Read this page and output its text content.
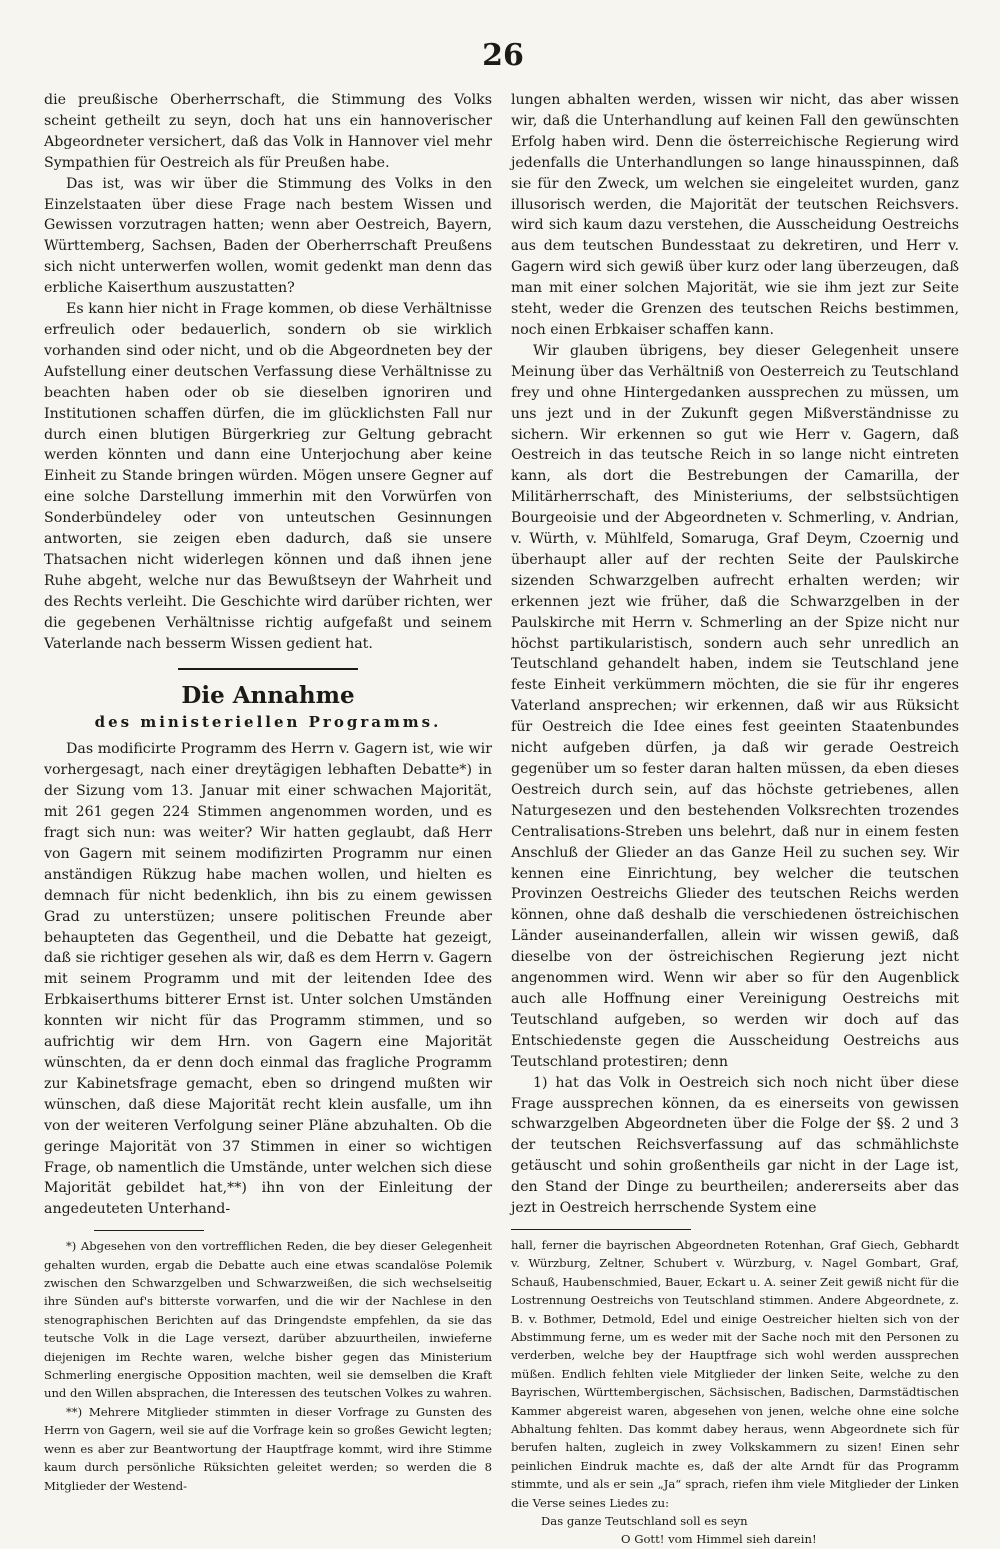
26

die preußische Oberherrschaft, die Stimmung des Volks scheint getheilt zu seyn, doch hat uns ein hannoverischer Abgeordneter versichert, daß das Volk in Hannover viel mehr Sympathien für Oestreich als für Preußen habe.

Das ist, was wir über die Stimmung des Volks in den Einzelstaaten über diese Frage nach bestem Wissen und Gewissen vorzutragen hatten; wenn aber Oestreich, Bayern, Württemberg, Sachsen, Baden der Oberherrschaft Preußens sich nicht unterwerfen wollen, womit gedenkt man denn das erbliche Kaiserthum auszustatten?

Es kann hier nicht in Frage kommen, ob diese Verhältnisse erfreulich oder bedauerlich, sondern ob sie wirklich vorhanden sind oder nicht, und ob die Abgeordneten bey der Aufstellung einer deutschen Verfassung diese Verhältnisse zu beachten haben oder ob sie dieselben ignoriren und Institutionen schaffen dürfen, die im glücklichsten Fall nur durch einen blutigen Bürgerkrieg zur Geltung gebracht werden könnten und dann eine Unterjochung aber keine Einheit zu Stande bringen würden. Mögen unsere Gegner auf eine solche Darstellung immerhin mit den Vorwürfen von Sonderbündeley oder von unteutschen Gesinnungen antworten, sie zeigen eben dadurch, daß sie unsere Thatsachen nicht widerlegen können und daß ihnen jene Ruhe abgeht, welche nur das Bewußtseyn der Wahrheit und des Rechts verleiht. Die Geschichte wird darüber richten, wer die gegebenen Verhältnisse richtig aufgefaßt und seinem Vaterlande nach besserm Wissen gedient hat.

Die Annahme
des ministeriellen Programms.

Das modificirte Programm des Herrn v. Gagern ist, wie wir vorhergesagt, nach einer dreytägigen lebhaften Debatte*) in der Sizung vom 13. Januar mit einer schwachen Majorität, mit 261 gegen 224 Stimmen angenommen worden, und es fragt sich nun: was weiter? Wir hatten geglaubt, daß Herr von Gagern mit seinem modifizirten Programm nur einen anständigen Rükzug habe machen wollen, und hielten es demnach für nicht bedenklich, ihn bis zu einem gewissen Grad zu unterstüzen; unsere politischen Freunde aber behaupteten das Gegentheil, und die Debatte hat gezeigt, daß sie richtiger gesehen als wir, daß es dem Herrn v. Gagern mit seinem Programm und mit der leitenden Idee des Erbkaiserthums bitterer Ernst ist. Unter solchen Umständen konnten wir nicht für das Programm stimmen, und so aufrichtig wir dem Hrn. von Gagern eine Majorität wünschten, da er denn doch einmal das fragliche Programm zur Kabinetsfrage gemacht, eben so dringend mußten wir wünschen, daß diese Majorität recht klein ausfalle, um ihn von der weiteren Verfolgung seiner Pläne abzuhalten. Ob die geringe Majorität von 37 Stimmen in einer so wichtigen Frage, ob namentlich die Umstände, unter welchen sich diese Majorität gebildet hat,**) ihn von der Einleitung der angedeuteten Unterhand-

*) Abgesehen von den vortrefflichen Reden, die bey dieser Gelegenheit gehalten wurden, ergab die Debatte auch eine etwas scandalöse Polemik zwischen den Schwarzgelben und Schwarzweißen, die sich wechselseitig ihre Sünden auf's bitterste vorwarfen, und die wir der Nachlese in den stenographischen Berichten auf das Dringendste empfehlen, da sie das teutsche Volk in die Lage versezt, darüber abzuurtheilen, inwieferne diejenigen im Rechte waren, welche bisher gegen das Ministerium Schmerling energische Opposition machten, weil sie demselben die Kraft und den Willen absprachen, die Interessen des teutschen Volkes zu wahren.

**) Mehrere Mitglieder stimmten in dieser Vorfrage zu Gunsten des Herrn von Gagern, weil sie auf die Vorfrage kein so großes Gewicht legten; wenn es aber zur Beantwortung der Hauptfrage kommt, wird ihre Stimme kaum durch persönliche Rüksichten geleitet werden; so werden die 8 Mitglieder der Westend-

lungen abhalten werden, wissen wir nicht, das aber wissen wir, daß die Unterhandlung auf keinen Fall den gewünschten Erfolg haben wird. Denn die österreichische Regierung wird jedenfalls die Unterhandlungen so lange hinausspinnen, daß sie für den Zweck, um welchen sie eingeleitet wurden, ganz illusorisch werden, die Majorität der teutschen Reichsvers. wird sich kaum dazu verstehen, die Ausscheidung Oestreichs aus dem teutschen Bundesstaat zu dekretiren, und Herr v. Gagern wird sich gewiß über kurz oder lang überzeugen, daß man mit einer solchen Majorität, wie sie ihm jezt zur Seite steht, weder die Grenzen des teutschen Reichs bestimmen, noch einen Erbkaiser schaffen kann.

Wir glauben übrigens, bey dieser Gelegenheit unsere Meinung über das Verhältniß von Oesterreich zu Teutschland frey und ohne Hintergedanken aussprechen zu müssen, um uns jezt und in der Zukunft gegen Mißverständnisse zu sichern. Wir erkennen so gut wie Herr v. Gagern, daß Oestreich in das teutsche Reich in so lange nicht eintreten kann, als dort die Bestrebungen der Camarilla, der Militärherrschaft, des Ministeriums, der selbstsüchtigen Bourgeoisie und der Abgeordneten v. Schmerling, v. Andrian, v. Würth, v. Mühlfeld, Somaruga, Graf Deym, Czoernig und überhaupt aller auf der rechten Seite der Paulskirche sizenden Schwarzgelben aufrecht erhalten werden; wir erkennen jezt wie früher, daß die Schwarzgelben in der Paulskirche mit Herrn v. Schmerling an der Spize nicht nur höchst partikularistisch, sondern auch sehr unredlich an Teutschland gehandelt haben, indem sie Teutschland jene feste Einheit verkümmern möchten, die sie für ihr engeres Vaterland ansprechen; wir erkennen, daß wir aus Rüksicht für Oestreich die Idee eines fest geeinten Staatenbundes nicht aufgeben dürfen, ja daß wir gerade Oestreich gegenüber um so fester daran halten müssen, da eben dieses Oestreich durch sein, auf das höchste getriebenes, allen Naturgesezen und den bestehenden Volksrechten trozendes Centralisations-Streben uns belehrt, daß nur in einem festen Anschluß der Glieder an das Ganze Heil zu suchen sey. Wir kennen eine Einrichtung, bey welcher die teutschen Provinzen Oestreichs Glieder des teutschen Reichs werden können, ohne daß deshalb die verschiedenen östreichischen Länder auseinanderfallen, allein wir wissen gewiß, daß dieselbe von der östreichischen Regierung jezt nicht angenommen wird. Wenn wir aber so für den Augenblick auch alle Hoffnung einer Vereinigung Oestreichs mit Teutschland aufgeben, so werden wir doch auf das Entschiedenste gegen die Ausscheidung Oestreichs aus Teutschland protestiren; denn

1) hat das Volk in Oestreich sich noch nicht über diese Frage aussprechen können, da es einerseits von gewissen schwarzgelben Abgeordneten über die Folge der §§. 2 und 3 der teutschen Reichsverfassung auf das schmählichste getäuscht und sohin großentheils gar nicht in der Lage ist, den Stand der Dinge zu beurtheilen; andererseits aber das jezt in Oestreich herrschende System eine

hall, ferner die bayrischen Abgeordneten Rotenhan, Graf Giech, Gebhardt v. Würzburg, Zeltner, Schubert v. Würzburg, v. Nagel Gombart, Graf, Schauß, Haubenschmied, Bauer, Eckart u. A. seiner Zeit gewiß nicht für die Lostrennung Oestreichs von Teutschland stimmen. Andere Abgeordnete, z. B. v. Bothmer, Detmold, Edel und einige Oestreicher hielten sich von der Abstimmung ferne, um es weder mit der Sache noch mit den Personen zu verderben, welche bey der Hauptfrage sich wohl werden aussprechen müßen. Endlich fehlten viele Mitglieder der linken Seite, welche zu den Bayrischen, Württembergischen, Sächsischen, Badischen, Darmstädtischen Kammer abgereist waren, abgesehen von jenen, welche ohne eine solche Abhaltung fehlten. Das kommt dabey heraus, wenn Abgeordnete sich für berufen halten, zugleich in zwey Volkskammern zu sizen! Einen sehr peinlichen Eindruk machte es, daß der alte Arndt für das Programm stimmte, und als er sein „Ja“ sprach, riefen ihm viele Mitglieder der Linken die Verse seines Liedes zu:

Das ganze Teutschland soll es seyn

O Gott! vom Himmel sieh darein!
